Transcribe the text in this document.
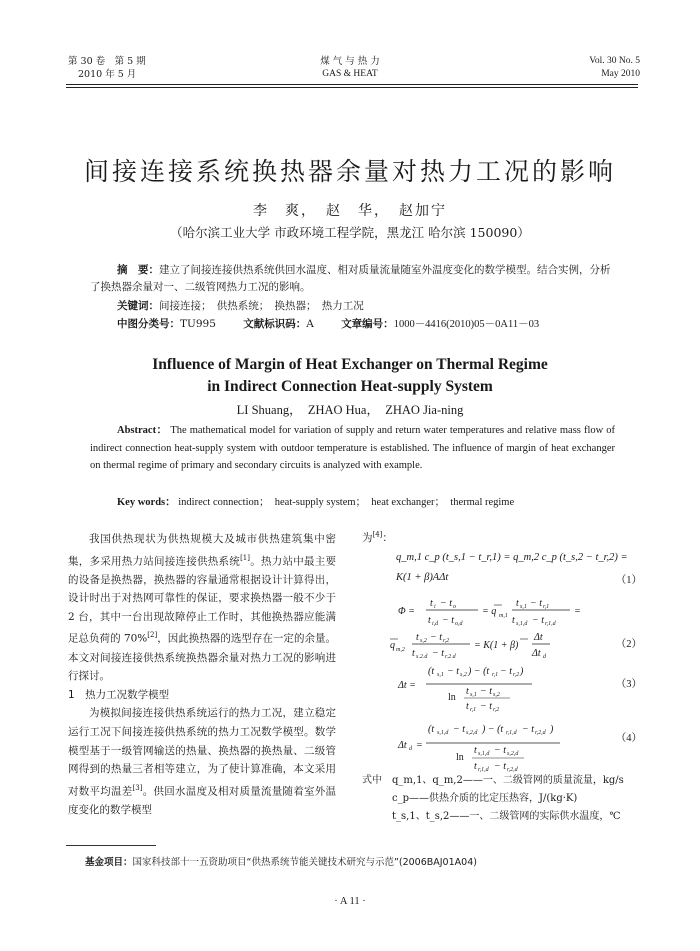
第 30 卷　第 5 期
2010 年 5 月
煤 气 与 热 力
GAS & HEAT
Vol. 30 No. 5
May 2010
间接连接系统换热器余量对热力工况的影响
李　爽，　赵　华，　赵加宁
（哈尔滨工业大学 市政环境工程学院，黑龙江 哈尔滨 150090）
摘　要：建立了间接连接供热系统供回水温度、相对质量流量随室外温度变化的数学模型。结合实例，分析了换热器余量对一、二级管网热力工况的影响。
关键词：间接连接；　供热系统；　换热器；　热力工况
中图分类号：TU995	文献标识码：A	文章编号：1000－4416(2010)05－0A11－03
Influence of Margin of Heat Exchanger on Thermal Regime
in Indirect Connection Heat-supply System
LI Shuang，　ZHAO Hua，　ZHAO Jia-ning
Abstract： The mathematical model for variation of supply and return water temperatures and relative mass flow of indirect connection heat-supply system with outdoor temperature is established. The influence of margin of heat exchanger on thermal regime of primary and secondary circuits is analyzed with example.
Key words： indirect connection；　heat-supply system；　heat exchanger；　thermal regime

我国供热现状为供热规模大及城市供热建筑集中密集，多采用热力站间接连接供热系统[1]。热力站中最主要的设备是换热器，换热器的容量通常根据设计计算得出，设计时出于对热网可靠性的保证，要求换热器一般不少于 2 台，其中一台出现故障停止工作时，其他换热器应能满足总负荷的 70%[2]，因此换热器的选型存在一定的余量。本文对间接连接供热系统换热器余量对热力工况的影响进行探讨。

1　热力工况数学模型

为模拟间接连接供热系统运行的热力工况，建立稳定运行工况下间接连接供热系统的热力工况数学模型。数学模型基于一级管网输送的热量、换热器的换热量、二级管网得到的热量三者相等建立，为了使计算准确，本文采用对数平均温差[3]。供回水温度及相对质量流量随着室外温度变化的数学模型

为[4]：
q_m,1 c_p (t_s,1 − t_r,1) = q_m,2 c_p (t_s,2 − t_r,2) =
K(1 + β)AΔt	（1）
Φ =
t i − t o
t i,d − t o,d
= q m,1
t s,1 − t r,1
t s,1,d − t r,1,d
=
q m,2
t s,2 − t r,2
t s,2,d − t r,2,d
= K(1 + β)
Δt
Δt d
（2）
Δt =
(t s,1 − t s,2 ) − (t r,1 − t r,2 )
ln
t s,1 − t s,2
t r,1 − t r,2
（3）
Δt d =
(t s,1,d − t s,2,d ) − (t r,1,d − t r,2,d )
ln
t s,1,d − t s,2,d
t r,1,d − t r,2,d
（4）
式中　 q_m,1、q_m,2——一、二级管网的质量流量，kg/s
c_p——供热介质的比定压热容，J/(kg·K)
t_s,1、t_s,2——一、二级管网的实际供水温度，℃
基金项目：国家科技部十一五资助项目“供热系统节能关键技术研究与示范”(2006BAJ01A04)
· A 11 ·
